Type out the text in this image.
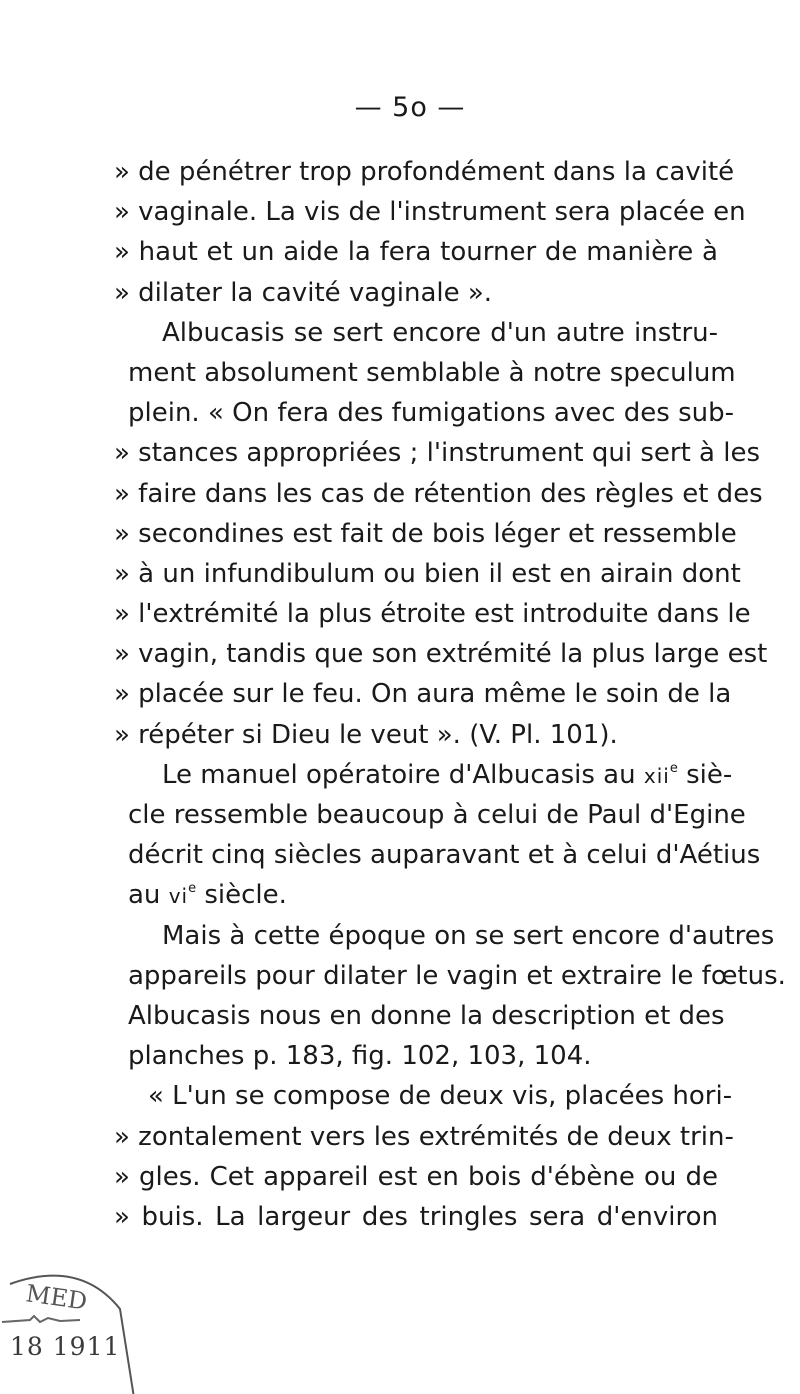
— 5o —
» de pénétrer trop profondément dans la cavité
» vaginale. La vis de l'instrument sera placée en
» haut et un aide la fera tourner de manière à
» dilater la cavité vaginale ».
Albucasis se sert encore d'un autre instru-
ment absolument semblable à notre speculum
plein. « On fera des fumigations avec des sub-
» stances appropriées ; l'instrument qui sert à les
» faire dans les cas de rétention des règles et des
» secondines est fait de bois léger et ressemble
» à un infundibulum ou bien il est en airain dont
» l'extrémité la plus étroite est introduite dans le
» vagin, tandis que son extrémité la plus large est
» placée sur le feu. On aura même le soin de la
» répéter si Dieu le veut ». (V. Pl. 101).
Le manuel opératoire d'Albucasis au xii$^e$ siè-
cle ressemble beaucoup à celui de Paul d'Egine
décrit cinq siècles auparavant et à celui d'Aétius
au $vi^e$ siècle.
Mais à cette époque on se sert encore d'autres
appareils pour dilater le vagin et extraire le fœtus.
Albucasis nous en donne la description et des
planches p. 183, fig. 102, 103, 104.
« L'un se compose de deux vis, placées hori-
» zontalement vers les extrémités de deux trin-
» gles. Cet appareil est en bois d'ébène ou de
» buis. La largeur des tringles sera d'environ
MED
18 1911
